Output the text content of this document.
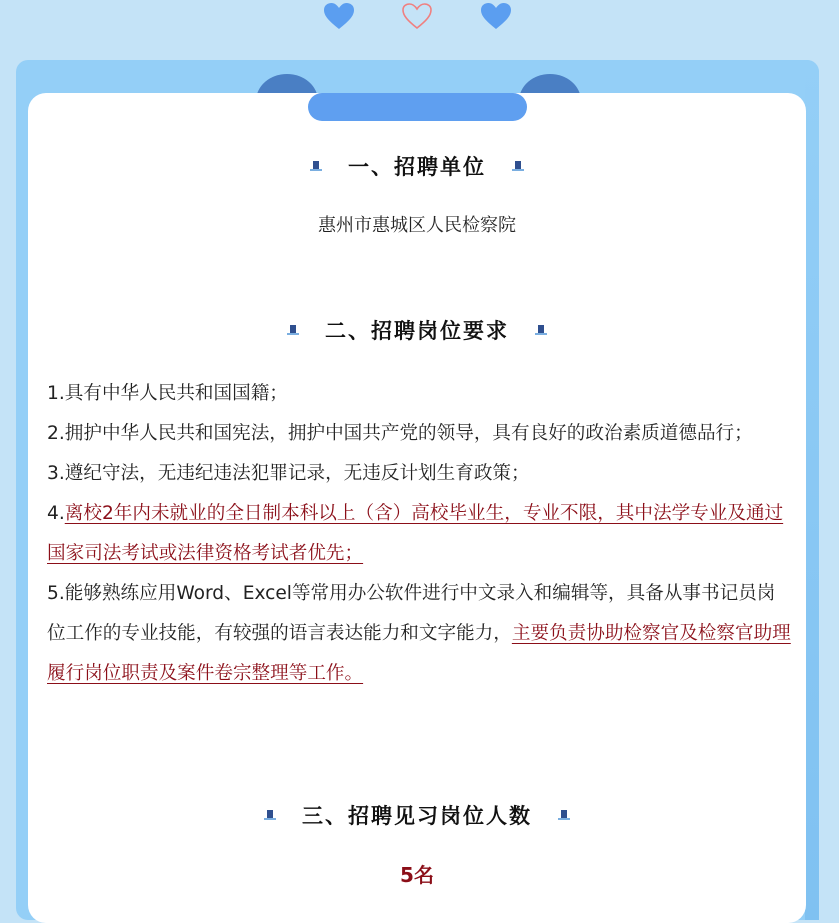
一、招聘单位
惠州市惠城区人民检察院
二、招聘岗位要求

1.具有中华人民共和国国籍；

2.拥护中华人民共和国宪法，拥护中国共产党的领导，具有良好的政治素质道德品行；

3.遵纪守法，无违纪违法犯罪记录，无违反计划生育政策；

4.离校2年内未就业的全日制本科以上（含）高校毕业生，专业不限，其中法学专业及通过国家司法考试或法律资格考试者优先；

5.能够熟练应用Word、Excel等常用办公软件进行中文录入和编辑等，具备从事书记员岗位工作的专业技能，有较强的语言表达能力和文字能力，主要负责协助检察官及检察官助理履行岗位职责及案件卷宗整理等工作。

三、招聘见习岗位人数
5名
